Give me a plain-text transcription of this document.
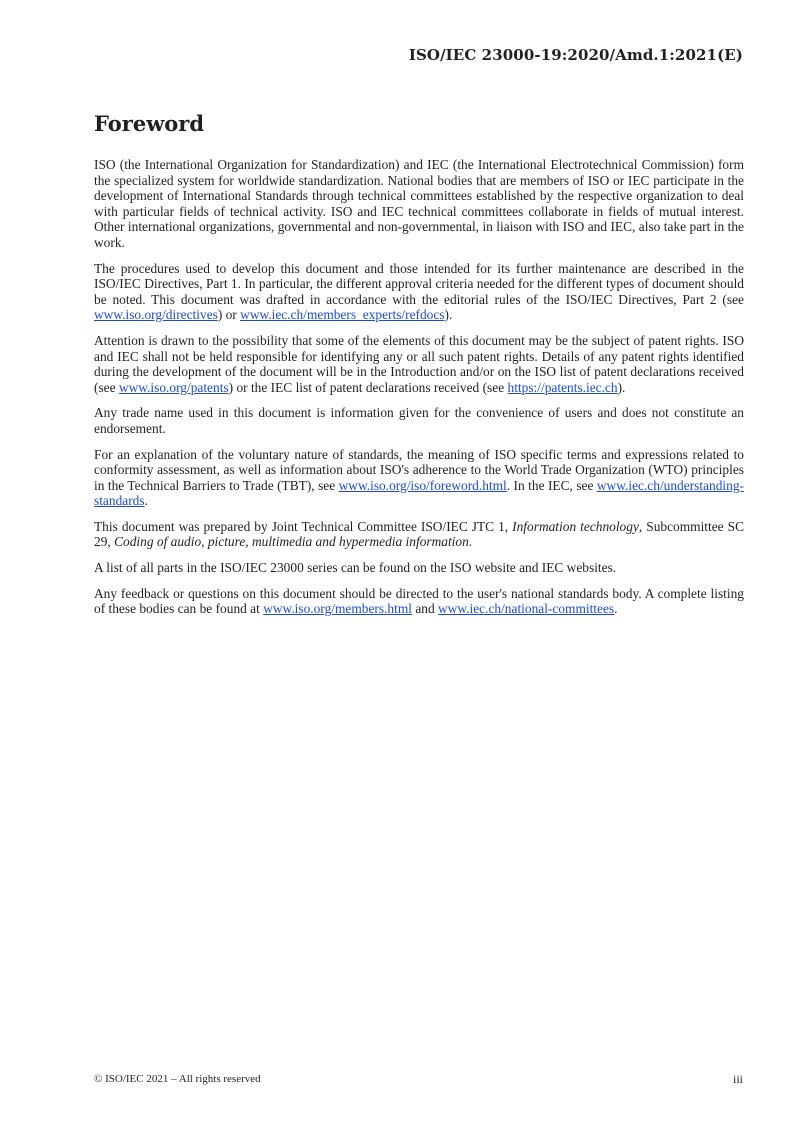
ISO/IEC 23000-19:2020/Amd.1:2021(E)
Foreword

ISO (the International Organization for Standardization) and IEC (the International Electrotechnical Commission) form the specialized system for worldwide standardization. National bodies that are members of ISO or IEC participate in the development of International Standards through technical committees established by the respective organization to deal with particular fields of technical activity. ISO and IEC technical committees collaborate in fields of mutual interest. Other international organizations, governmental and non-governmental, in liaison with ISO and IEC, also take part in the work.

The procedures used to develop this document and those intended for its further maintenance are described in the ISO/IEC Directives, Part 1. In particular, the different approval criteria needed for the different types of document should be noted. This document was drafted in accordance with the editorial rules of the ISO/IEC Directives, Part 2 (see www.iso.org/directives) or www.iec.ch/members_experts/refdocs).

Attention is drawn to the possibility that some of the elements of this document may be the subject of patent rights. ISO and IEC shall not be held responsible for identifying any or all such patent rights. Details of any patent rights identified during the development of the document will be in the Introduction and/or on the ISO list of patent declarations received (see www.iso.org/patents) or the IEC list of patent declarations received (see https://patents.iec.ch).

Any trade name used in this document is information given for the convenience of users and does not constitute an endorsement.

For an explanation of the voluntary nature of standards, the meaning of ISO specific terms and expressions related to conformity assessment, as well as information about ISO's adherence to the World Trade Organization (WTO) principles in the Technical Barriers to Trade (TBT), see www.iso.org/iso/foreword.html. In the IEC, see www.iec.ch/understanding-standards.

This document was prepared by Joint Technical Committee ISO/IEC JTC 1, Information technology, Subcommittee SC 29, Coding of audio, picture, multimedia and hypermedia information.

A list of all parts in the ISO/IEC 23000 series can be found on the ISO website and IEC websites.

Any feedback or questions on this document should be directed to the user's national standards body. A complete listing of these bodies can be found at www.iso.org/members.html and www.iec.ch/national-committees.

© ISO/IEC 2021 – All rights reserved	iii
